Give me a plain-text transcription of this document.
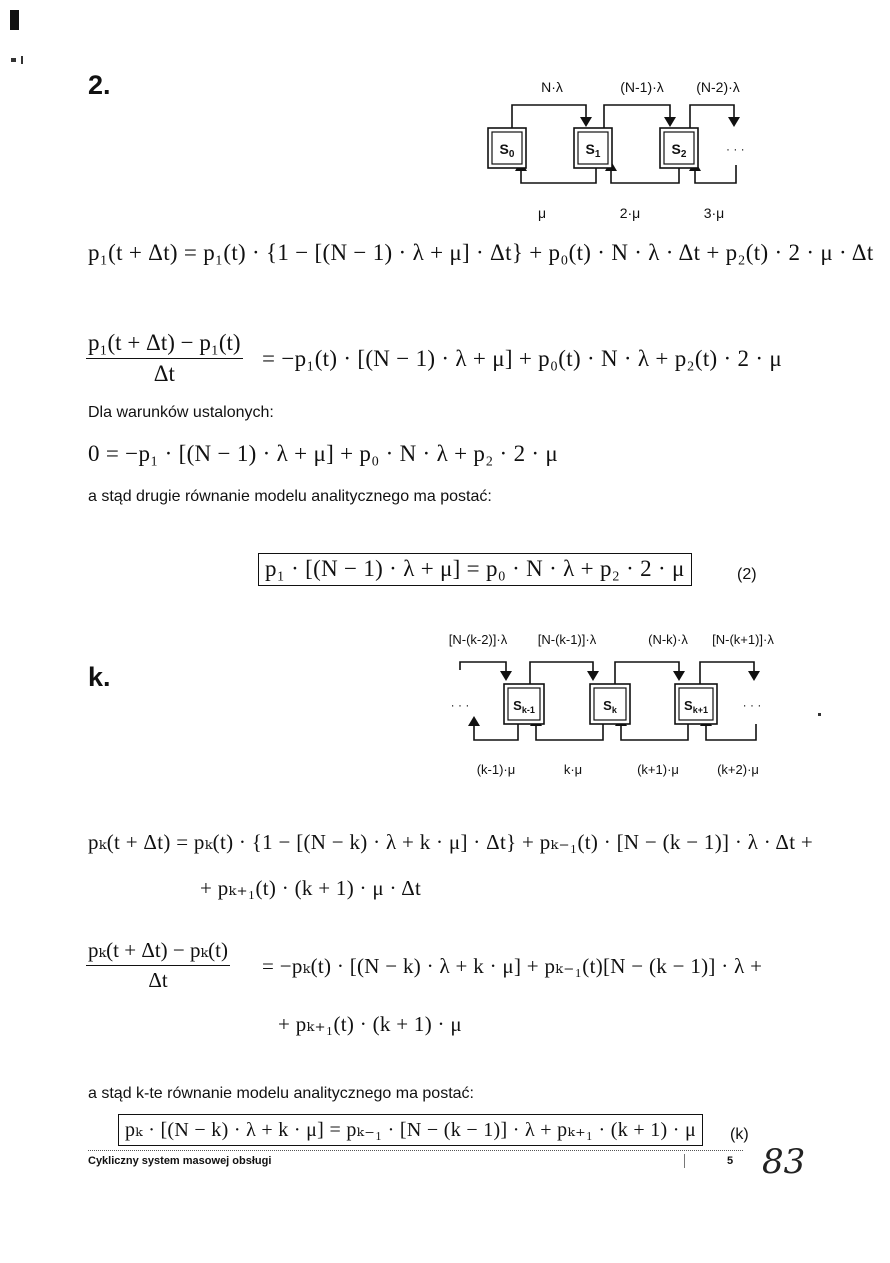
2.
$S_0$	$S_1$	$S_2$	· · ·
N·λ	(N-1)·λ (N-2)·λ
μ	2·μ	3·μ
p₁(t + Δt) = p₁(t) · {1 − [(N − 1) · λ + μ] · Δt} + p₀(t) · N · λ · Δt + p₂(t) · 2 · μ · Δt
$\frac{\text{p₁(t + Δt) − p₁(t)}}{\Delta t} = -p_1(t) \cdot [(N - 1) \cdot \lambda + \mu] + p_0(t) \cdot N \cdot \lambda + p_2(t) \cdot 2 \cdot \mu$
Dla warunków ustalonych:
0 = −p₁ · [(N − 1) · λ + μ] + p₀ · N · λ + p₂ · 2 · μ
a stąd drugie równanie modelu analitycznego ma postać:
p₁ · [(N − 1) · λ + μ] = p₀ · N · λ + p₂ · 2 · μ	(2)
k.
$S_{k-1}$	$S_k$	$S_{k+1}$
· · ·	· · ·
[N-(k-2)]·λ [N-(k-1)]·λ	(N-k)·λ [N-(k+1)]·λ
(k-1)·μ	k·μ	(k+1)·μ	(k+2)·μ
pₖ(t + Δt) = pₖ(t) · {1 − [(N − k) · λ + k · μ] · Δt} + pₖ₋₁(t) · [N − (k − 1)] · λ · Δt +
+ pₖ₊₁(t) · (k + 1) · μ · Δt
$\frac{\text{pₖ(t + Δt) − pₖ(t)}}{\Delta t} = -p_k(t) \cdot [(N - k) \cdot \lambda + k \cdot \mu] + p_{k-1}(t)[N - (k - 1)] \cdot \lambda$ +
+ pₖ₊₁(t) · (k + 1) · μ
a stąd k-te równanie modelu analitycznego ma postać:
pₖ · [(N − k) · λ + k · μ] = pₖ₋₁ · [N − (k − 1)] · λ + pₖ₊₁ · (k + 1) · μ	(k)
Cykliczny system masowej obsługi	5 83
